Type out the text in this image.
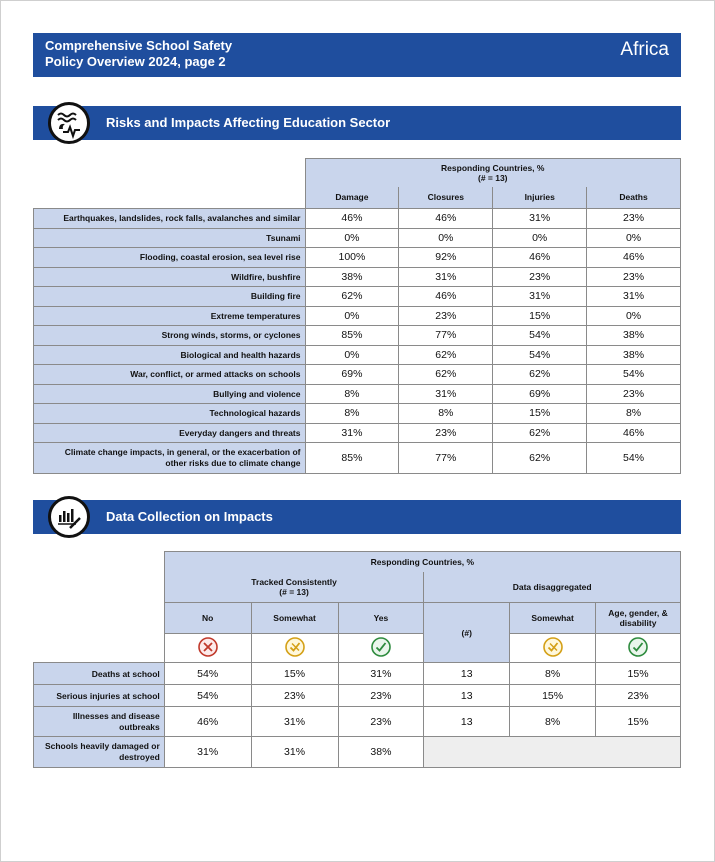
Comprehensive School Safety
Policy Overview 2024, page 2
Africa
Risks and Impacts Affecting Education Sector

	Responding Countries, %
(# = 13)			

	Damage	Closures	Injuries	Deaths
Earthquakes, landslides, rock falls, avalanches and similar	46%	46%	31%	23%
Tsunami	0%	0%	0%	0%
Flooding, coastal erosion, sea level rise	100%	92%	46%	46%
Wildfire, bushfire	38%	31%	23%	23%
Building fire	62%	46%	31%	31%
Extreme temperatures	0%	23%	15%	0%
Strong winds, storms, or cyclones	85%	77%	54%	38%
Biological and health hazards	0%	62%	54%	38%
War, conflict, or armed attacks on schools	69%	62%	62%	54%
Bullying and violence	8%	31%	69%	23%
Technological hazards	8%	8%	15%	8%
Everyday dangers and threats	31%	23%	62%	46%

Climate change impacts, in general, or the exacerbation of
other risks due to climate change	85%	77%	62%	54%
Data Collection on Impacts
	Responding Countries, %					

	Tracked Consistently
(# = 13)			Data disaggregated		
	No	Somewhat	Yes	(#)	Somewhat	Age, gender, & disability

Deaths at school	54%	15%	31%	13	8%	15%
Serious injuries at school	54%	23%	23%	13	15%	23%

Illnesses and disease
outbreaks	46%	31%	23%	13	8%	15%

Schools heavily damaged or
destroyed	31%	31%	38%			
